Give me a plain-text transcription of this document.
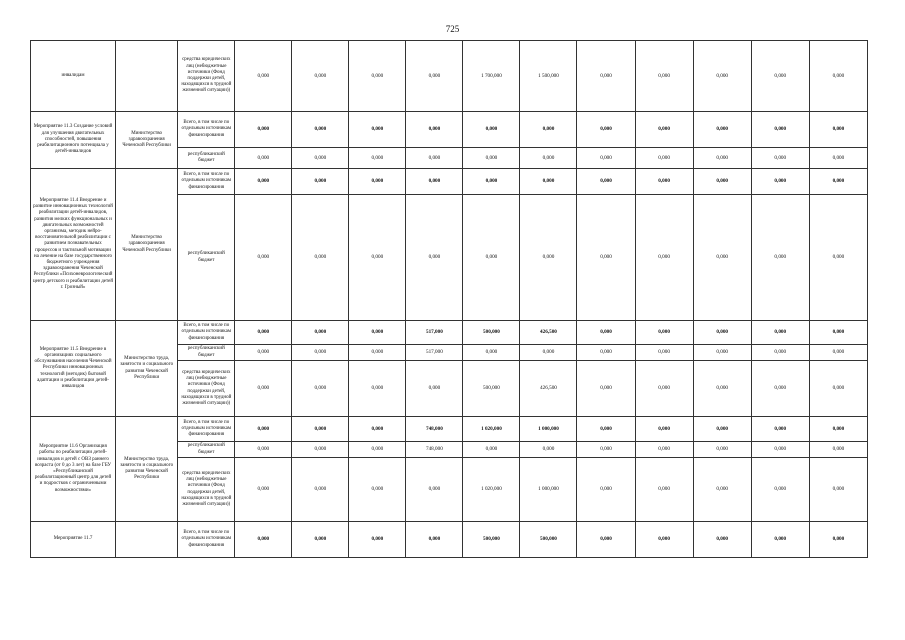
725
инвалидам		средства юридических лиц (небюджетные источники (Фонд поддержки детей, находящихся в трудной жизненной ситуации))	0,000	0,000	0,000	0,000	1 700,000	1 500,000	0,000	0,000	0,000	0,000	0,000
Мероприятие 11.3 Создание условий для улучшения двигательных способностей, повышения реабилитационного потенциала у детей-инвалидов	Министерство здравоохранения Чеченской Республики	Всего, в том числе по отдельным источникам финансирования	0,000	0,000	0,000	0,000	0,000	0,000	0,000	0,000	0,000	0,000	0,000
		республиканский бюджет	0,000	0,000	0,000	0,000	0,000	0,000	0,000	0,000	0,000	0,000	0,000
Мероприятие 11.4 Внедрение и развитие инновационных технологий реабилитации детей-инвалидов, развития мелких функциональных и двигательных возможностей организма, методик нейро-восстановительной реабилитации с развитием познавательных процессов и тактильной мотивации на лечение на базе государственного бюджетного учреждения здравоохранения Чеченской Республики «Психоневрологический центр детского и реабилитации детей г. Грозный»	Министерство здравоохранения Чеченской Республики	Всего, в том числе по отдельным источникам финансирования	0,000	0,000	0,000	0,000	0,000	0,000	0,000	0,000	0,000	0,000	0,000
		республиканский бюджет	0,000	0,000	0,000	0,000	0,000	0,000	0,000	0,000	0,000	0,000	0,000
Мероприятие 11.5 Внедрение в организациях социального обслуживания населения Чеченской Республики инновационных технологий (методик) бытовой адаптации и реабилитации детей-инвалидов	Министерство труда, занятости и социального развития Чеченской Республики	Всего, в том числе по отдельным источникам финансирования	0,000	0,000	0,000	517,000	500,000	426,500	0,000	0,000	0,000	0,000	0,000
		республиканский бюджет	0,000	0,000	0,000	517,000	0,000	0,000	0,000	0,000	0,000	0,000	0,000
		средства юридических лиц (небюджетные источники (Фонд поддержки детей, находящихся в трудной жизненной ситуации))	0,000	0,000	0,000	0,000	500,000	426,500	0,000	0,000	0,000	0,000	0,000
Мероприятие 11.6 Организация работы по реабилитации детей-инвалидов и детей с ОВЗ раннего возраста (от 0 до 3 лет) на базе ГБУ «Республиканский реабилитационный центр для детей и подростков с ограниченными возможностями»	Министерство труда, занятости и социального развития Чеченской Республики	Всего, в том числе по отдельным источникам финансирования	0,000	0,000	0,000	748,000	1 020,000	1 000,000	0,000	0,000	0,000	0,000	0,000
		республиканский бюджет	0,000	0,000	0,000	748,000	0,000	0,000	0,000	0,000	0,000	0,000	0,000
		средства юридических лиц (небюджетные источники (Фонд поддержки детей, находящихся в трудной жизненной ситуации))	0,000	0,000	0,000	0,000	1 020,000	1 000,000	0,000	0,000	0,000	0,000	0,000
Мероприятие 11.7		Всего, в том числе по отдельным источникам финансирования	0,000	0,000	0,000	0,000	500,000	500,000	0,000	0,000	0,000	0,000	0,000
